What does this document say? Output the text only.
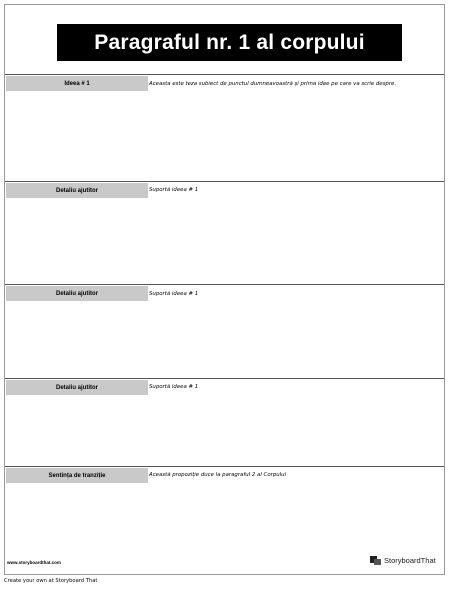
Paragraful nr. 1 al corpului
Ideea # 1	Aceasta este teza subiect de punctul dumneavoastră și prima idee pe care va scrie despre.
Detaliu ajutitor	Suportă ideea # 1
Detaliu ajutitor	Suportă ideea # 1
Detaliu ajutitor	Suportă ideea # 1
Sentința de tranziție	Această propoziție duce la paragraful 2 al Corpului
www.storyboardthat.com	StoryboardThat
Create your own at Storyboard That
